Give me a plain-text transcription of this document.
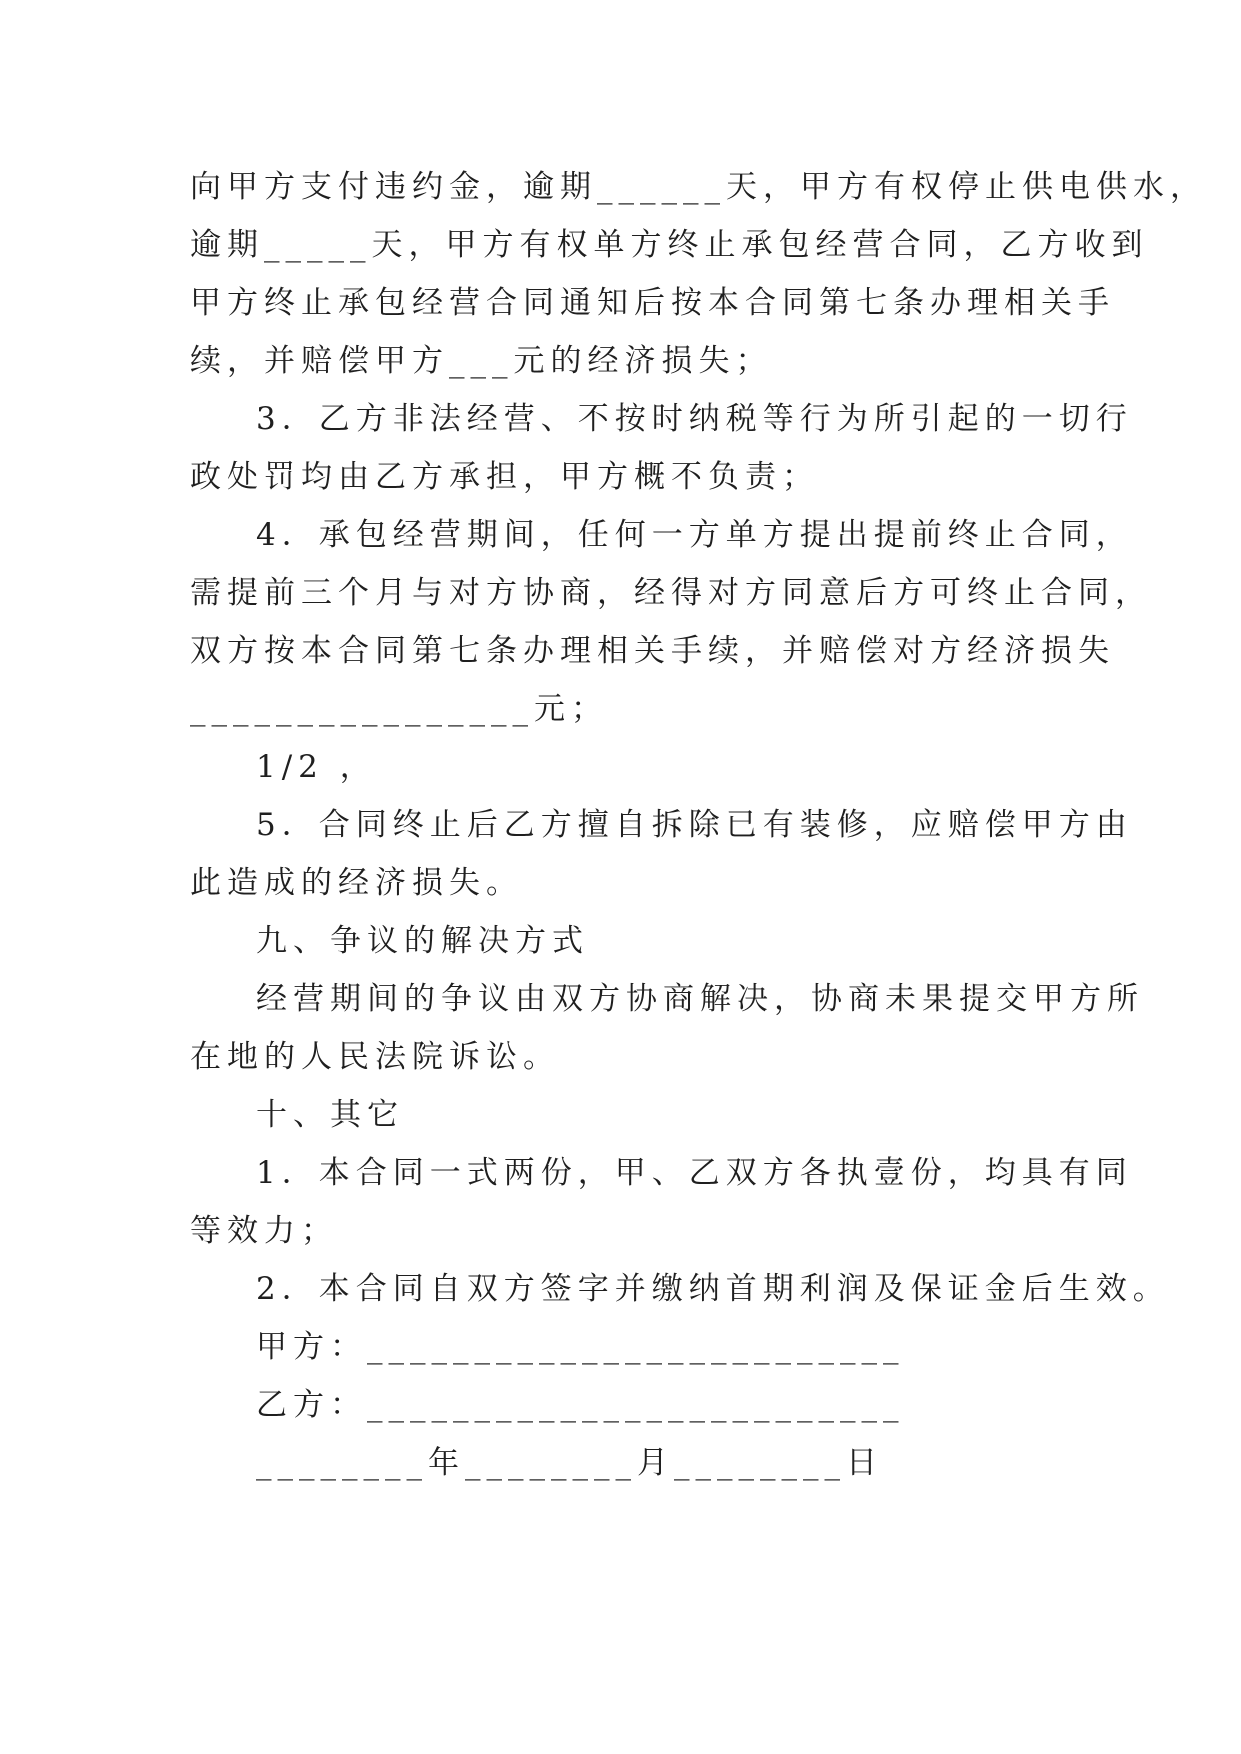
向甲方支付违约金，逾期______天，甲方有权停止供电供水，

逾期_____天，甲方有权单方终止承包经营合同，乙方收到

甲方终止承包经营合同通知后按本合同第七条办理相关手

续，并赔偿甲方___元的经济损失；

3．乙方非法经营、不按时纳税等行为所引起的一切行

政处罚均由乙方承担，甲方概不负责；

4．承包经营期间，任何一方单方提出提前终止合同，

需提前三个月与对方协商，经得对方同意后方可终止合同，

双方按本合同第七条办理相关手续，并赔偿对方经济损失

________________元；

1/2 ，

5．合同终止后乙方擅自拆除已有装修，应赔偿甲方由

此造成的经济损失。

九、争议的解决方式

经营期间的争议由双方协商解决，协商未果提交甲方所

在地的人民法院诉讼。

十、其它

1．本合同一式两份，甲、乙双方各执壹份，均具有同

等效力；

2．本合同自双方签字并缴纳首期利润及保证金后生效。

甲方：_________________________

乙方：_________________________

________年________月________日
